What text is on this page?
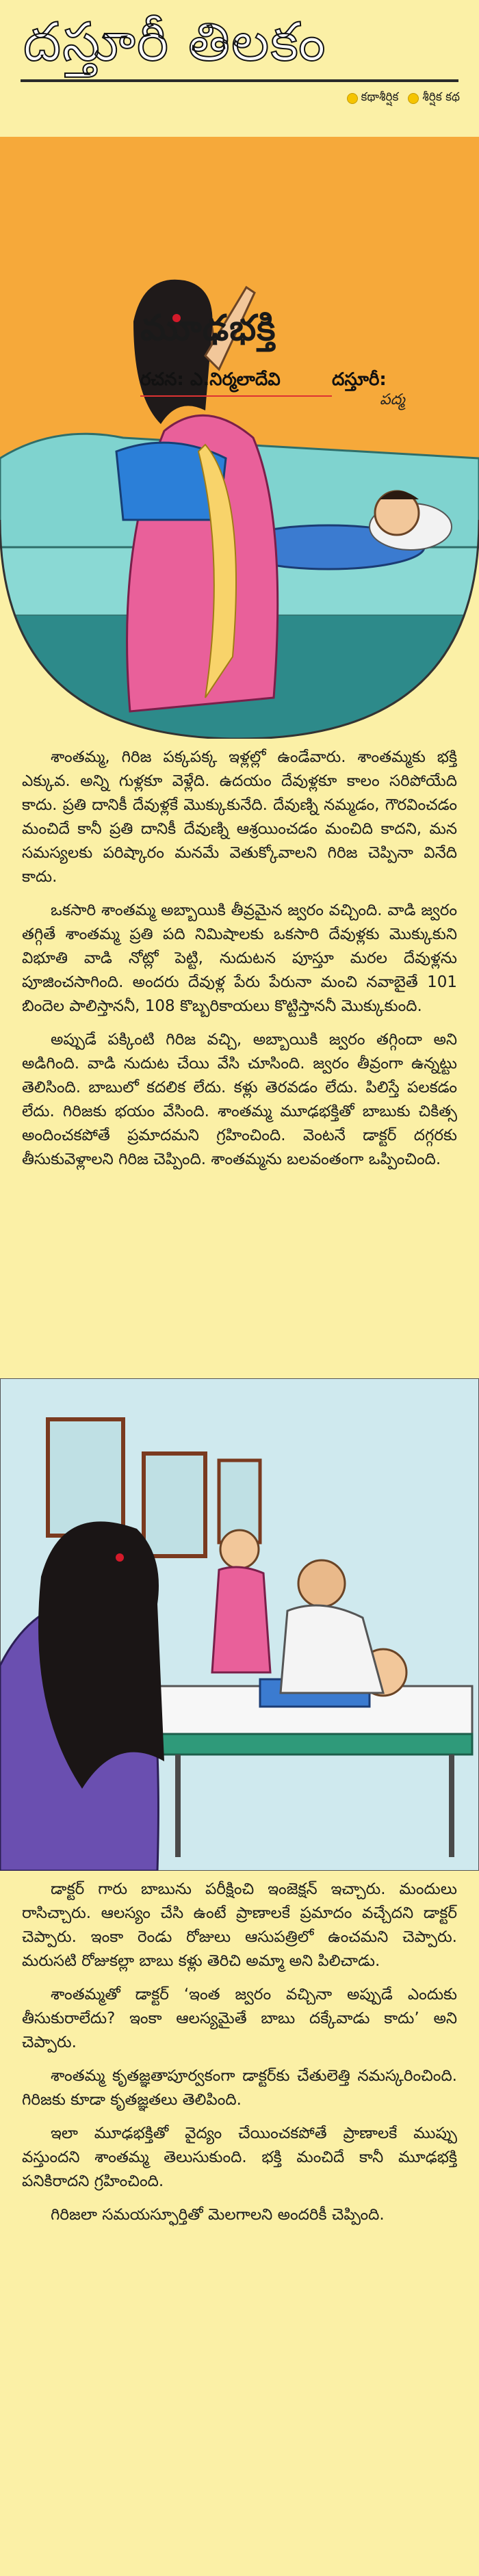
దస్తూరీ తిలకం
కథాశీర్షిక శీర్షిక కథ
మూఢభక్తి
రచన: ఎ.నిర్మలాదేవి	దస్తూరీ:
పద్మ

శాంతమ్మ, గిరిజ పక్కపక్క ఇళ్లల్లో ఉండేవారు. శాంతమ్మకు భక్తి ఎక్కువ. అన్ని గుళ్లకూ వెళ్లేది. ఉదయం దేవుళ్లకూ కాలం సరిపోయేది కాదు. ప్రతి దానికీ దేవుళ్లకే మొక్కుకునేది. దేవుణ్ని నమ్మడం, గౌరవించడం మంచిదే కానీ ప్రతి దానికీ దేవుణ్ని ఆశ్రయించడం మంచిది కాదని, మన సమస్యలకు పరిష్కారం మనమే వెతుక్కోవాలని గిరిజ చెప్పినా వినేది కాదు.

ఒకసారి శాంతమ్మ అబ్బాయికి తీవ్రమైన జ్వరం వచ్చింది. వాడి జ్వరం తగ్గితే శాంతమ్మ ప్రతి పది నిమిషాలకు ఒకసారి దేవుళ్లకు మొక్కుకుని విభూతి వాడి నోట్లో పెట్టి, నుదుటన పూస్తూ మరల దేవుళ్లను పూజించసాగింది. అందరు దేవుళ్ల పేరు పేరునా మంచి నవాబైతే 101 బిందెల పాలిస్తాననీ, 108 కొబ్బరికాయలు కొట్టిస్తాననీ మొక్కుకుంది.

అప్పుడే పక్కింటి గిరిజ వచ్చి, అబ్బాయికి జ్వరం తగ్గిందా అని అడిగింది. వాడి నుదుట చేయి వేసి చూసింది. జ్వరం తీవ్రంగా ఉన్నట్టు తెలిసింది. బాబులో కదలిక లేదు. కళ్లు తెరవడం లేదు. పిలిస్తే పలకడం లేదు. గిరిజకు భయం వేసింది. శాంతమ్మ మూఢభక్తితో బాబుకు చికిత్స అందించకపోతే ప్రమాదమని గ్రహించింది. వెంటనే డాక్టర్ దగ్గరకు తీసుకువెళ్లాలని గిరిజ చెప్పింది. శాంతమ్మను బలవంతంగా ఒప్పించింది.

డాక్టర్ గారు బాబును పరీక్షించి ఇంజెక్షన్ ఇచ్చారు. మందులు రాసిచ్చారు. ఆలస్యం చేసి ఉంటే ప్రాణాలకే ప్రమాదం వచ్చేదని డాక్టర్ చెప్పారు. ఇంకా రెండు రోజులు ఆసుపత్రిలో ఉంచమని చెప్పారు. మరుసటి రోజుకల్లా బాబు కళ్లు తెరిచి అమ్మా అని పిలిచాడు.

శాంతమ్మతో డాక్టర్ ‘ఇంత జ్వరం వచ్చినా అప్పుడే ఎందుకు తీసుకురాలేదు? ఇంకా ఆలస్యమైతే బాబు దక్కేవాడు కాదు’ అని చెప్పారు.

శాంతమ్మ కృతజ్ఞతాపూర్వకంగా డాక్టర్‌కు చేతులెత్తి నమస్కరించింది. గిరిజకు కూడా కృతజ్ఞతలు తెలిపింది.

ఇలా మూఢభక్తితో వైద్యం చేయించకపోతే ప్రాణాలకే ముప్పు వస్తుందని శాంతమ్మ తెలుసుకుంది. భక్తి మంచిదే కానీ మూఢభక్తి పనికిరాదని గ్రహించింది.

గిరిజలా సమయస్ఫూర్తితో మెలగాలని అందరికీ చెప్పింది.
